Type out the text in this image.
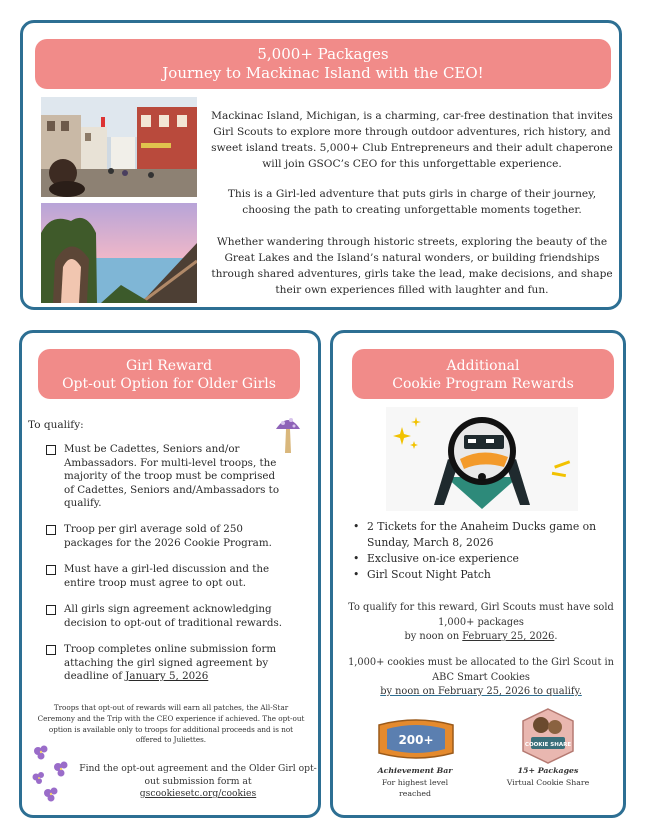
5,000+ Packages
Journey to Mackinac Island with the CEO!
Mackinac Island, Michigan, is a charming, car-free destination that invites Girl Scouts to explore more through outdoor adventures, rich history, and sweet island treats. 5,000+ Club Entrepreneurs and their adult chaperone will join GSOC’s CEO for this unforgettable experience.
This is a Girl-led adventure that puts girls in charge of their journey, choosing the path to creating unforgettable moments together.
Whether wandering through historic streets, exploring the beauty of the Great Lakes and the Island’s natural wonders, or building friendships through shared adventures, girls take the lead, make decisions, and shape their own experiences filled with laughter and fun.
Girl Reward
Opt-out Option for Older Girls
To qualify:
Must be Cadettes, Seniors and/or Ambassadors. For multi-level troops, the majority of the troop must be comprised of Cadettes, Seniors and/Ambassadors to qualify.
Troop per girl average sold of 250 packages for the 2026 Cookie Program.
Must have a girl-led discussion and the entire troop must agree to opt out.
All girls sign agreement acknowledging decision to opt-out of traditional rewards.
Troop completes online submission form attaching the girl signed agreement by deadline of January 5, 2026
Troops that opt-out of rewards will earn all patches, the All-Star Ceremony and the Trip with the CEO experience if achieved. The opt-out option is available only to troops for additional proceeds and is not offered to Juliettes.
Find the opt-out agreement and the Older Girl opt-out submission form at
gscookiesetc.org/cookies
Additional
Cookie Program Rewards
• 2 Tickets for the Anaheim Ducks game on Sunday, March 8, 2026
• Exclusive on-ice experience
• Girl Scout Night Patch
To qualify for this reward, Girl Scouts must have sold 1,000+ packages
by noon on February 25, 2026.
1,000+ cookies must be allocated to the Girl Scout in ABC Smart Cookies
by noon on February 25, 2026 to qualify.
200+	COOKIE SHARE
Achievement Bar
For highest level reached
15+ Packages
Virtual Cookie Share
